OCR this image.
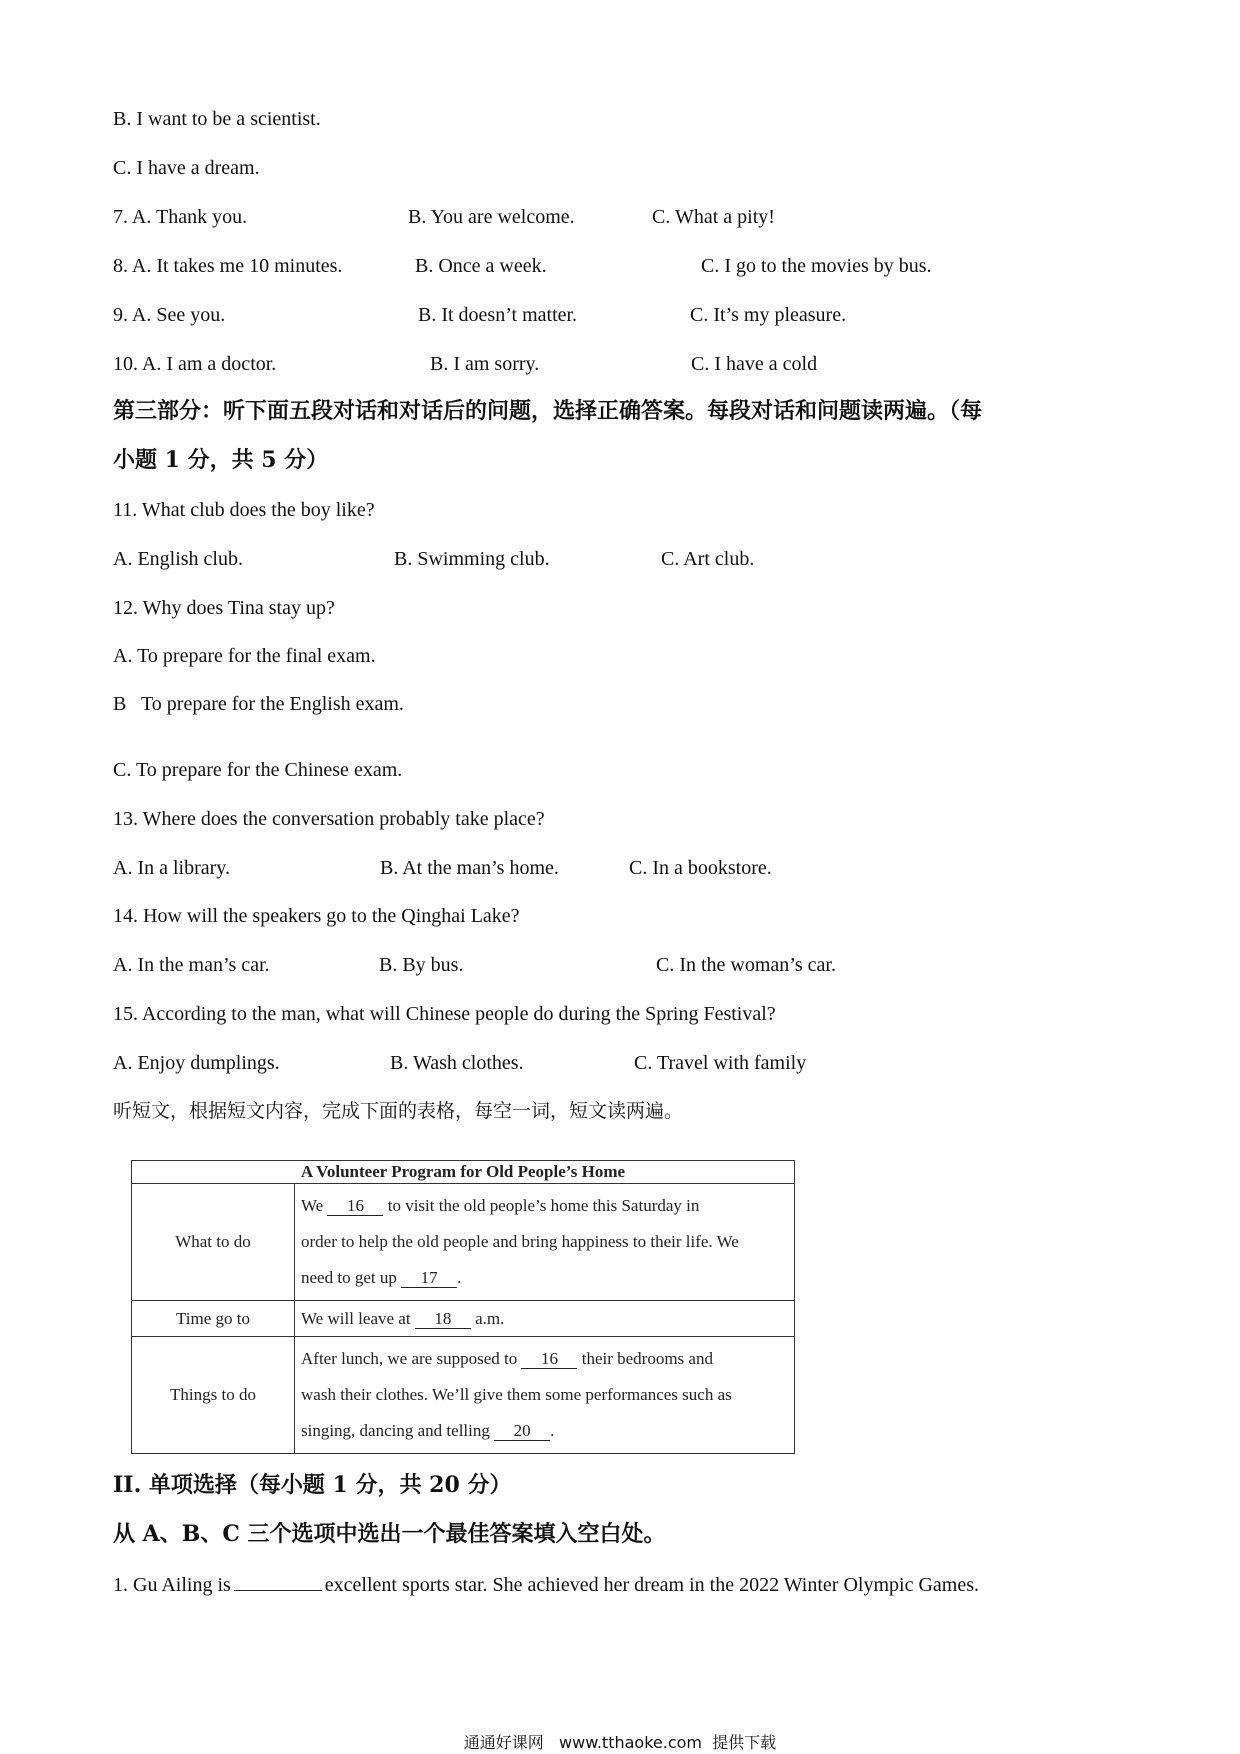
B. I want to be a scientist.
C. I have a dream.
7. A. Thank you.	B. You are welcome.	C. What a pity!
8. A. It takes me 10 minutes.	B. Once a week.	C. I go to the movies by bus.
9. A. See you.	B. It doesn’t matter.	C. It’s my pleasure.
10. A. I am a doctor.	B. I am sorry.	C. I have a cold
第三部分：听下面五段对话和对话后的问题，选择正确答案。每段对话和问题读两遍。（每
小题 1 分，共 5 分）
11. What club does the boy like?
A. English club.	B. Swimming club.	C. Art club.
12. Why does Tina stay up?
A. To prepare for the final exam.
B   To prepare for the English exam.
C. To prepare for the Chinese exam.
13. Where does the conversation probably take place?
A. In a library.	B. At the man’s home.	C. In a bookstore.
14. How will the speakers go to the Qinghai Lake?
A. In the man’s car.	B. By bus.	C. In the woman’s car.
15. According to the man, what will Chinese people do during the Spring Festival?
A. Enjoy dumplings.	B. Wash clothes.	C. Travel with family
听短文，根据短文内容，完成下面的表格，每空一词，短文读两遍。
A Volunteer Program for Old People’s Home	
What to do	We 16 to visit the old people’s home this Saturday in
order to help the old people and bring happiness to their life. We
need to get up 17 .

Time go to	We will leave at 18 a.m.
Things to do	After lunch, we are supposed to 16 their bedrooms and
wash their clothes. We’ll give them some performances such as
singing, dancing and telling 20 .
II. 单项选择（每小题 1 分，共 20 分）
从 A、B、C 三个选项中选出一个最佳答案填入空白处。
1. Gu Ailing is	excellent sports star. She achieved her dream in the 2022 Winter Olympic Games.
通通好课网   www.tthaoke.com  提供下载
